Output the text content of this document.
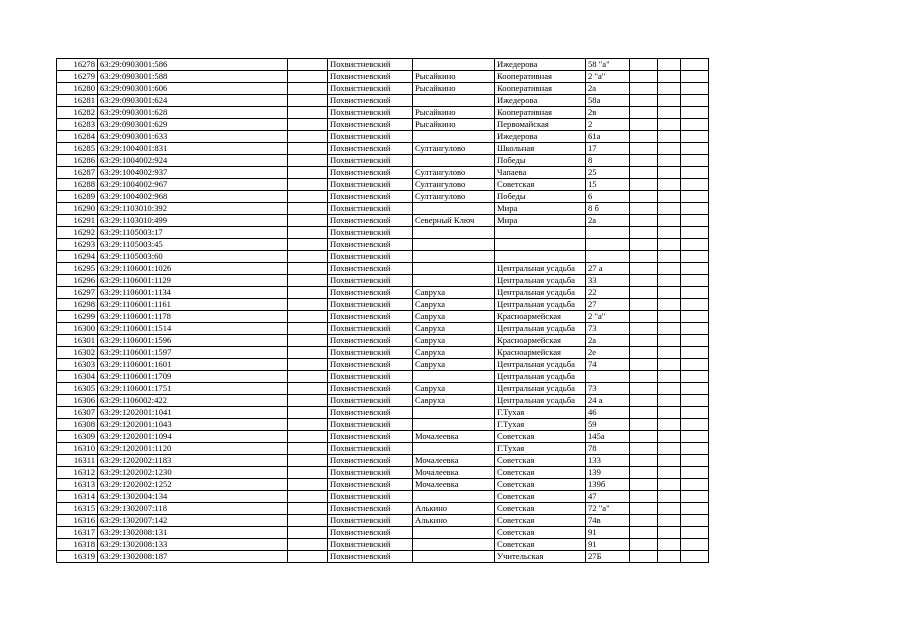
16278	63:29:0903001:586		Похвистневский		Ижедерова	58 "а"			
16279	63:29:0903001:588		Похвистневский	Рысайкино	Кооперативная	2 "а"			
16280	63:29:0903001:606		Похвистневский	Рысайкино	Кооперативная	2а			
16281	63:29:0903001:624		Похвистневский		Ижедерова	58а			
16282	63:29:0903001:628		Похвистневский	Рысайкино	Кооперативная	2в			
16283	63:29:0903001:629		Похвистневский	Рысайкино	Первомайская	2			
16284	63:29:0903001:633		Похвистневский		Ижедерова	61а			
16285	63:29:1004001:831		Похвистневский	Султангулово	Школьная	17			
16286	63:29:1004002:924		Похвистневский		Победы	8			
16287	63:29:1004002:937		Похвистневский	Султангулово	Чапаева	25			
16288	63:29:1004002:967		Похвистневский	Султангулово	Советская	15			
16289	63:29:1004002:968		Похвистневский	Султангулово	Победы	6			
16290	63:29:1103010:392		Похвистневский		Мира	8 б			
16291	63:29:1103010:499		Похвистневский	Северный Ключ	Мира	2а			
16292	63:29:1105003:17		Похвистневский						
16293	63:29:1105003:45		Похвистневский						
16294	63:29:1105003:60		Похвистневский						
16295	63:29:1106001:1026		Похвистневский		Центральная усадьба	27 а			
16296	63:29:1106001:1129		Похвистневский		Центральная усадьба	33			
16297	63:29:1106001:1134		Похвистневский	Савруха	Центральная усадьба	22			
16298	63:29:1106001:1161		Похвистневский	Савруха	Центральная усадьба	27			
16299	63:29:1106001:1178		Похвистневский	Савруха	Красноармейская	2 "а"			
16300	63:29:1106001:1514		Похвистневский	Савруха	Центральная усадьба	73			
16301	63:29:1106001:1596		Похвистневский	Савруха	Красноармейская	2а			
16302	63:29:1106001:1597		Похвистневский	Савруха	Красноармейская	2е			
16303	63:29:1106001:1601		Похвистневский	Савруха	Центральная усадьба	74			
16304	63:29:1106001:1709		Похвистневский		Центральная усадьба				
16305	63:29:1106001:1751		Похвистневский	Савруха	Центральная усадьба	73			
16306	63:29:1106002:422		Похвистневский	Савруха	Центральная усадьба	24 а			
16307	63:29:1202001:1041		Похвистневский		Г.Тухая	46			
16308	63:29:1202001:1043		Похвистневский		Г.Тухая	59			
16309	63:29:1202001:1094		Похвистневский	Мочалеевка	Советская	145а			
16310	63:29:1202001:1120		Похвистневский		Г.Тухая	78			
16311	63:29:1202002:1183		Похвистневский	Мочалеевка	Советская	133			
16312	63:29:1202002:1230		Похвистневский	Мочалеевка	Советская	139			
16313	63:29:1202002:1252		Похвистневский	Мочалеевка	Советская	139б			
16314	63:29:1302004:134		Похвистневский		Советская	47			
16315	63:29:1302007:118		Похвистневский	Алькино	Советская	72 "а"			
16316	63:29:1302007:142		Похвистневский	Алькино	Советская	74в			
16317	63:29:1302008:131		Похвистневский		Советская	91			
16318	63:29:1302008:133		Похвистневский		Советская	91			
16319	63:29:1302008:187		Похвистневский		Учительская	27Б			
